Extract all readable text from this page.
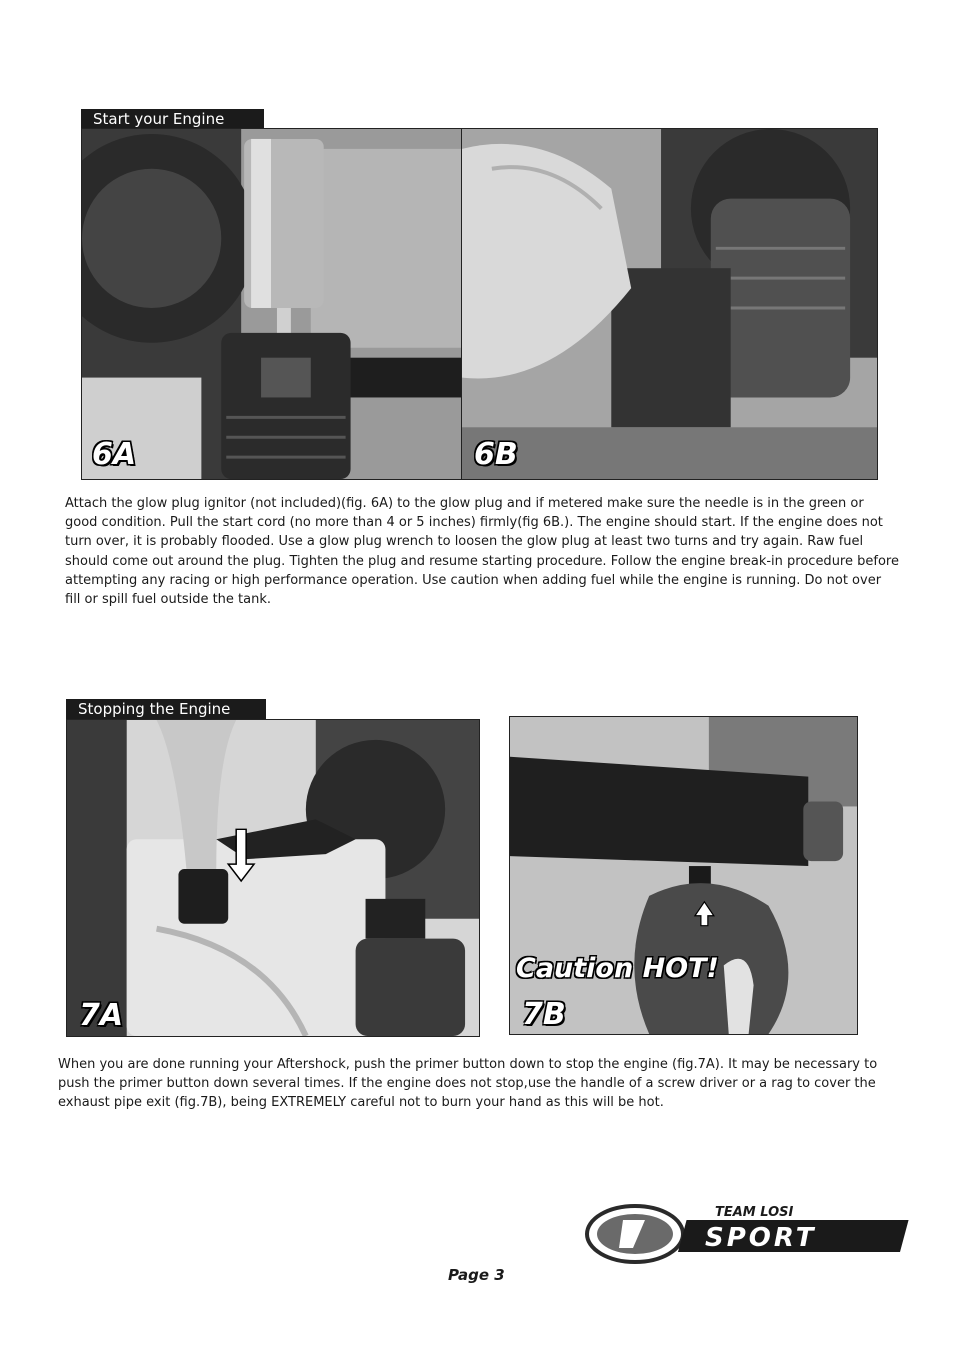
Start your Engine
6A	6B

Attach the glow plug ignitor (not included)(fig. 6A) to the glow plug and if metered make sure the needle is in the green or good condition. Pull the start cord (no more than 4 or 5 inches) firmly(fig 6B.). The engine should start. If the engine does not turn over, it is probably flooded. Use a glow plug wrench to loosen the glow plug at least two turns and try again. Raw fuel should come out around the plug. Tighten the plug and resume starting procedure. Follow the engine break-in procedure before attempting any racing or high performance operation. Use caution when adding fuel while the engine is running. Do not over fill or spill fuel outside the tank.

Stopping the Engine
7A
Caution HOT!
7B

When you are done running your Aftershock, push the primer button down to stop the engine (fig.7A). It may be necessary to push the primer button down several times. If the engine does not stop,use the handle of a screw driver or a rag to cover the exhaust pipe exit (fig.7B), being EXTREMELY careful not to burn your hand as this will be hot.

TEAM LOSI
SPORT
Page 3
